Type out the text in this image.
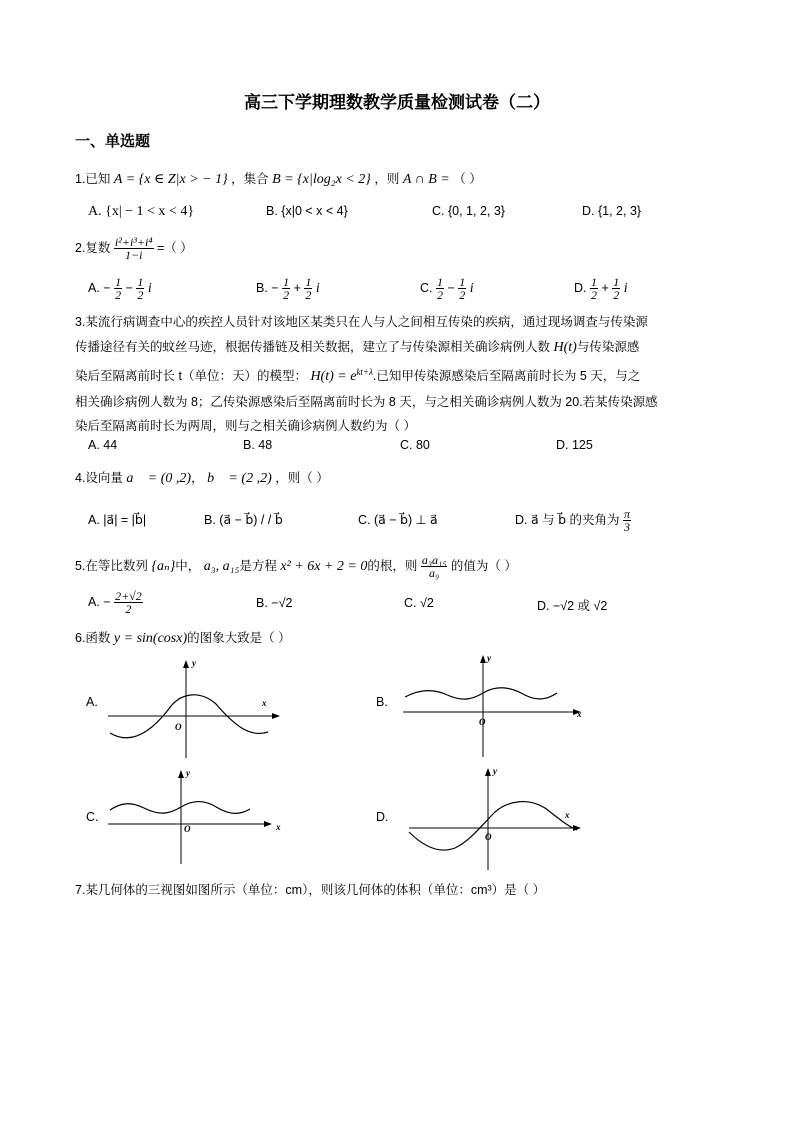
高三下学期理数教学质量检测试卷（二）
一、单选题
1.已知 A = {x ∈ Z|x > − 1} ，集合 B = {x|log₂x < 2} ，则 A ∩ B = （ ）
A. {x| − 1 < x < 4}	B. {x|0 < x < 4}	C. {0, 1, 2, 3}	D. {1, 2, 3}
2.复数 $\frac{\text{i²+i³+i⁴}}{1-i}$ =（ ）
A. − $\frac{1}{2} - \frac{1}{2}$ i	B. − $\frac{1}{2} + \frac{1}{2}$ i	C. $\frac{1}{2} - \frac{1}{2}$ i	D. $\frac{1}{2} + \frac{1}{2}$ i
3.某流行病调查中心的疾控人员针对该地区某类只在人与人之间相互传染的疾病，通过现场调查与传染源
传播途径有关的蚊丝马迹，根据传播链及相关数据，建立了与传染源相关确诊病例人数 H(t)与传染源感
染后至隔离前时长 t（单位：天）的模型： $H(t) = e^{kt+\lambda}$.已知甲传染源感染后至隔离前时长为 5 天，与之
相关确诊病例人数为 8；乙传染源感染后至隔离前时长为 8 天，与之相关确诊病例人数为 20.若某传染源感
染后至隔离前时长为两周，则与之相关确诊病例人数约为（ ）
A. 44	B. 48	C. 80	D. 125
4.设向量 a⃗ = (0 ,2)， b⃗ = (2 ,2) ，则（ ）
A. |a⃗| = |b⃗|	B. (a⃗ − b⃗) / / b⃗	C. (a⃗ − b⃗) ⊥ a⃗	D. a⃗ 与 b⃗ 的夹角为 $\frac{\pi}{3}$
5.在等比数列 {aₙ}中， a₃, a₁₅是方程 x² + 6x + 2 = 0的根，则 $\frac{\text{a₃a₁₅}}{\text{a₉}}$ 的值为（ ）
A. − $\frac{2+√2}{2}$	B. −√2	C. √2	D. −√2 或 √2
6.函数 y = sin(cosx)的图象大致是（ ）
A.	x
y
O
B.
x
y
O
C.
x
y
O
D.	x
y
O
7.某几何体的三视图如图所示（单位：cm），则该几何体的体积（单位：cm³）是（ ）
